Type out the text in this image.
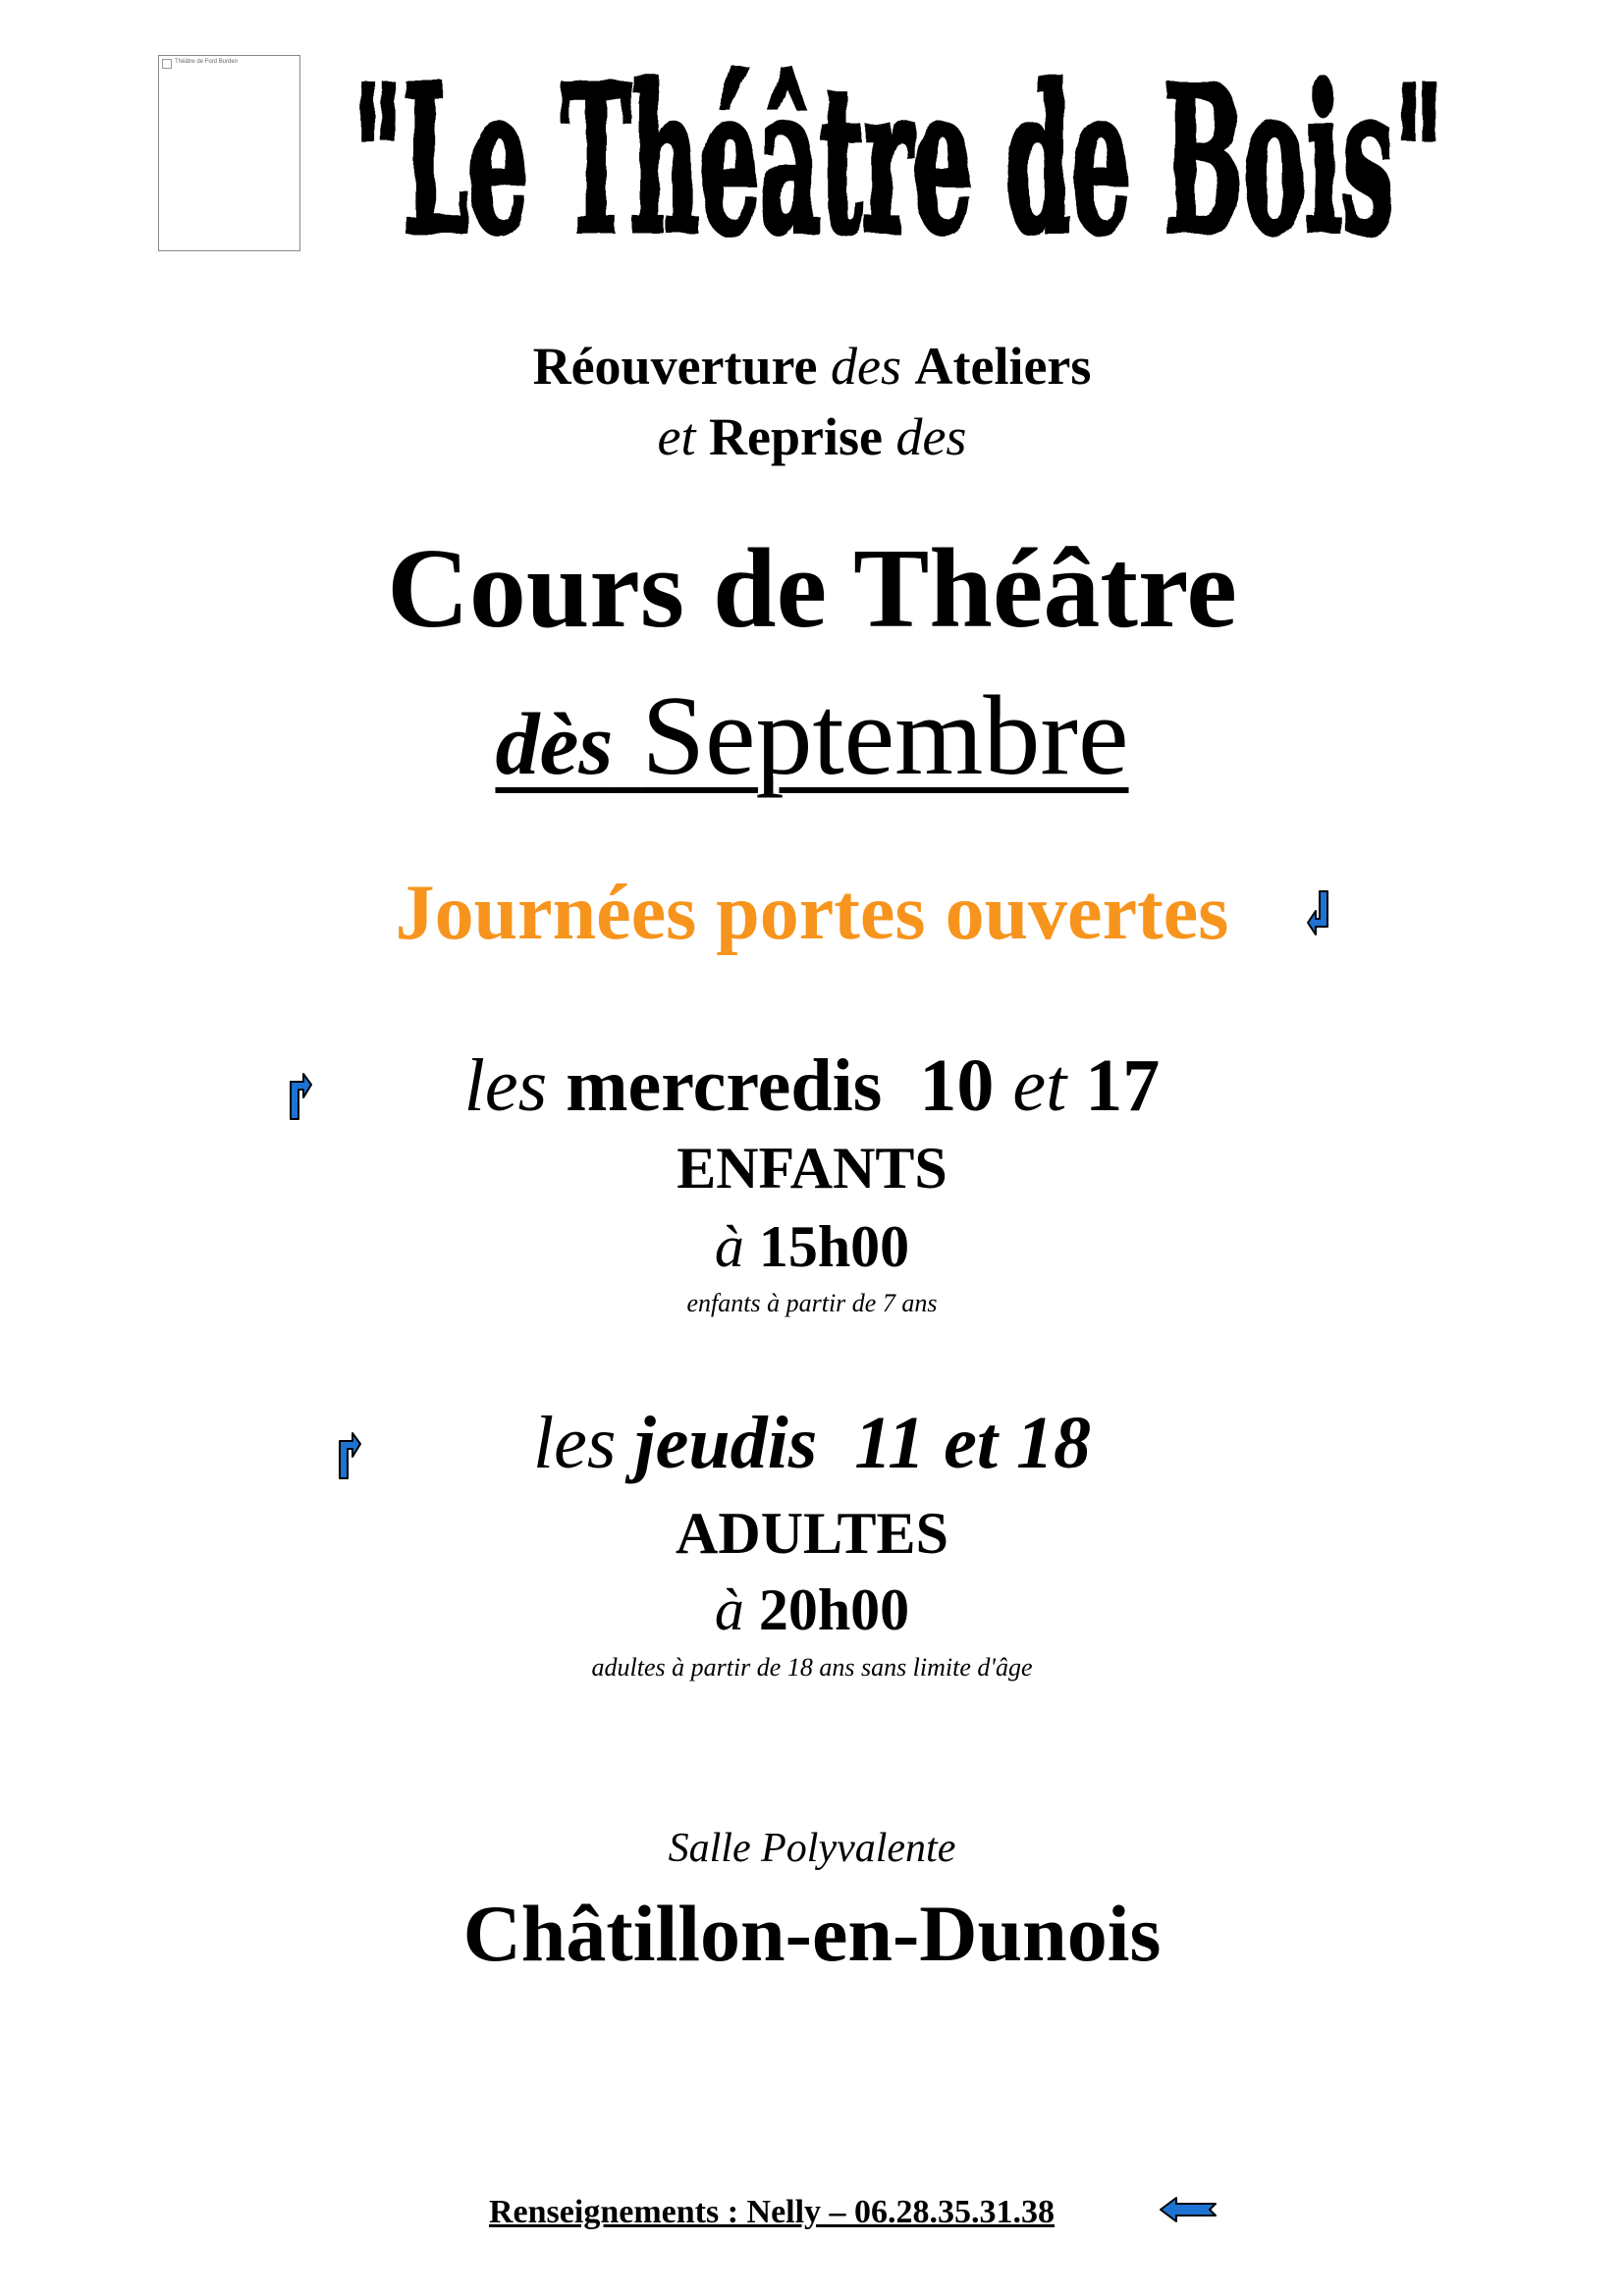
Théâtre de Ford Burden "Le Théâtre de Bois"
Réouverture des Ateliers
et Reprise des
Cours de Théâtre
dès Septembre
Journées portes ouvertes
les mercredis 10 et 17
ENFANTS
à 15h00
enfants à partir de 7 ans
les jeudis 11 et 18
ADULTES
à 20h00
adultes à partir de 18 ans sans limite d'âge
Salle Polyvalente
Châtillon-en-Dunois
Renseignements : Nelly – 06.28.35.31.38
